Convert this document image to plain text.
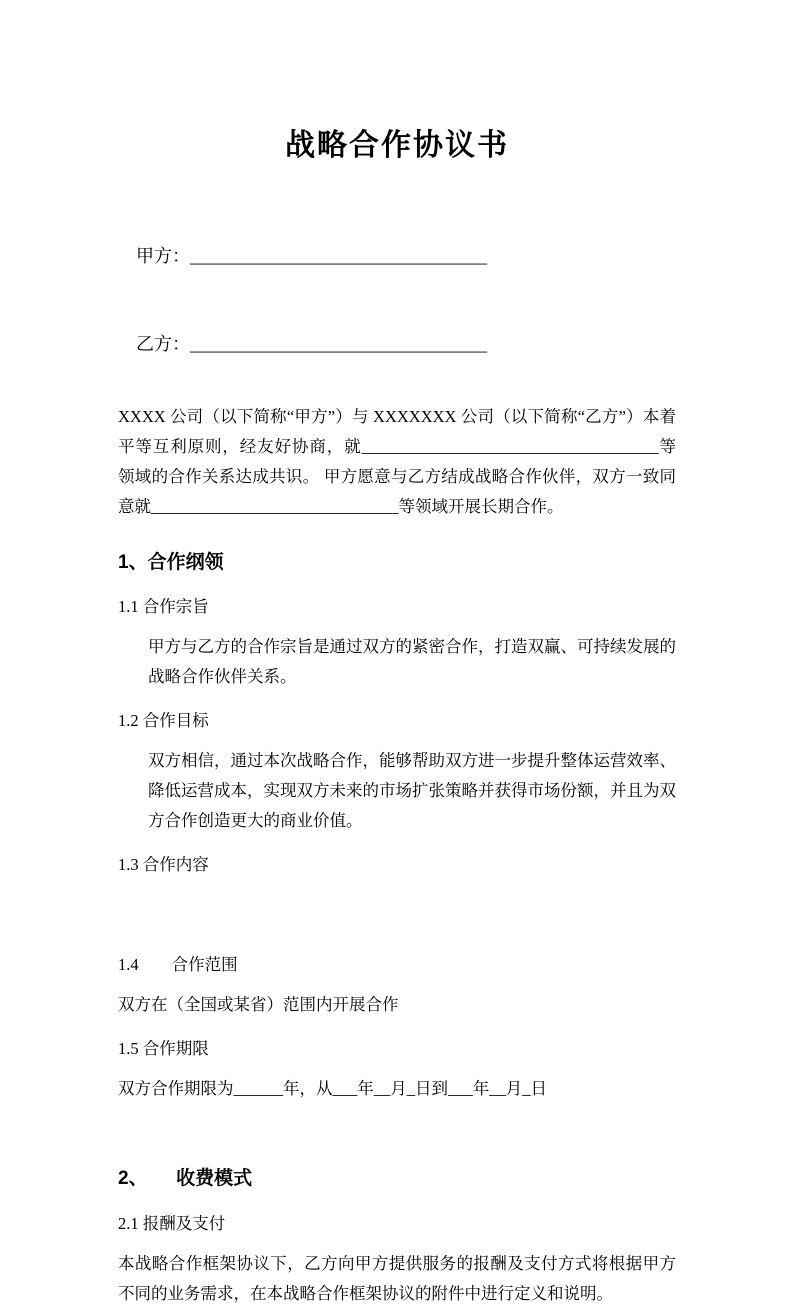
战略合作协议书

甲方：_________________________________

乙方：_________________________________

XXXX 公司（以下简称“甲方”）与 XXXXXXX 公司（以下简称“乙方”）本着平等互利原则，经友好协商，就____________________________________等领域的合作关系达成共识。 甲方愿意与乙方结成战略合作伙伴，双方一致同意就______________________________等领域开展长期合作。

1、合作纲领
1.1 合作宗旨

甲方与乙方的合作宗旨是通过双方的紧密合作，打造双赢、可持续发展的战略合作伙伴关系。

1.2 合作目标

双方相信，通过本次战略合作，能够帮助双方进一步提升整体运营效率、降低运营成本，实现双方未来的市场扩张策略并获得市场份额，并且为双方合作创造更大的商业价值。

1.3 合作内容
1.4　　合作范围

双方在（全国或某省）范围内开展合作

1.5 合作期限

双方合作期限为______年，从___年__月_日到___年__月_日

2、　　收费模式
2.1 报酬及支付

本战略合作框架协议下，乙方向甲方提供服务的报酬及支付方式将根据甲方不同的业务需求，在本战略合作框架协议的附件中进行定义和说明。
